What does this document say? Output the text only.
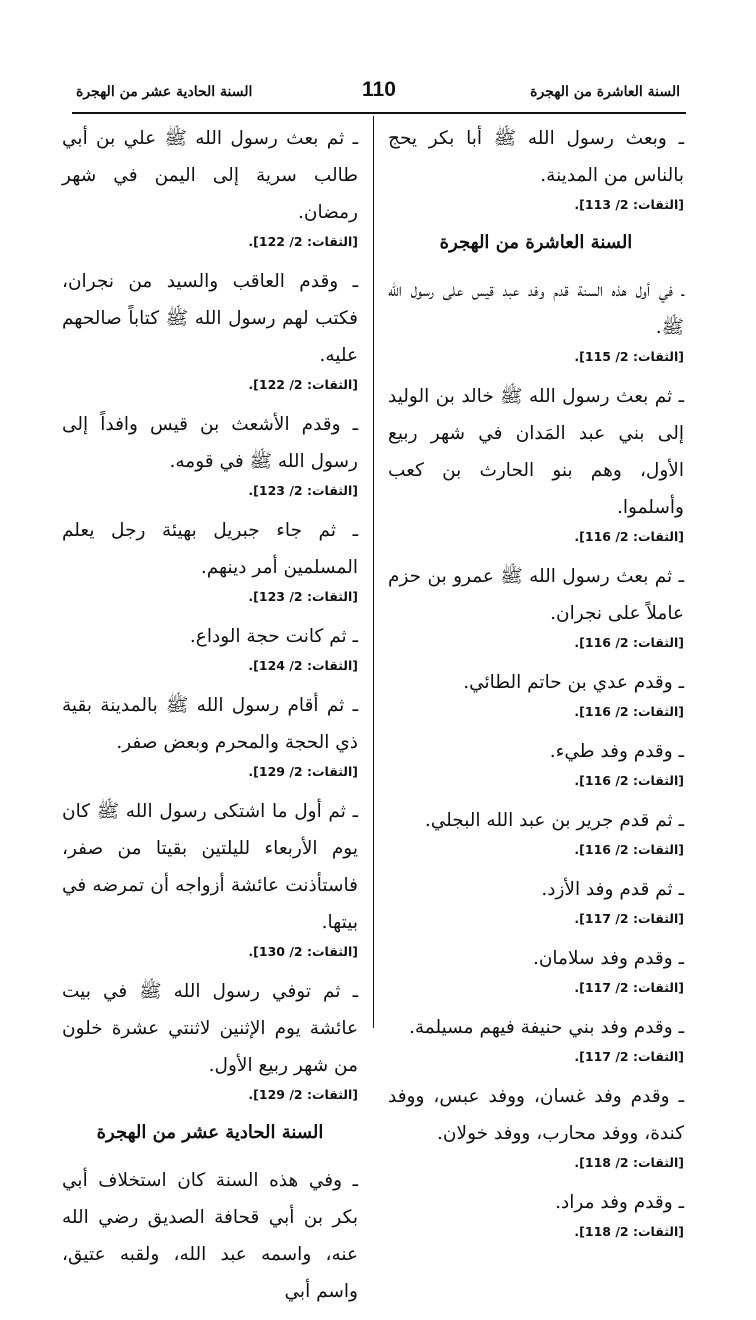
السنة العاشرة من الهجرة
110
السنة الحادية عشر من الهجرة
ـ وبعث رسول الله ﷺ أبا بكر يحج بالناس من المدينة.
[الثقات: 2/ 113].
السنة العاشرة من الهجرة
ـ في أول هذه السنة قدم وفد عبد قيس على رسول الله ﷺ.
[الثقات: 2/ 115].
ـ ثم بعث رسول الله ﷺ خالد بن الوليد إلى بني عبد المَدان في شهر ربيع الأول، وهم بنو الحارث بن كعب وأسلموا.
[الثقات: 2/ 116].
ـ ثم بعث رسول الله ﷺ عمرو بن حزم عاملاً على نجران.
[الثقات: 2/ 116].
ـ وقدم عدي بن حاتم الطائي.
[الثقات: 2/ 116].
ـ وقدم وفد طيء.
[الثقات: 2/ 116].
ـ ثم قدم جرير بن عبد الله البجلي.
[الثقات: 2/ 116].
ـ ثم قدم وفد الأزد.
[الثقات: 2/ 117].
ـ وقدم وفد سلامان.
[الثقات: 2/ 117].
ـ وقدم وفد بني حنيفة فيهم مسيلمة.
[الثقات: 2/ 117].
ـ وقدم وفد غسان، ووفد عبس، ووفد كندة، ووفد محارب، ووفد خولان.
[الثقات: 2/ 118].
ـ وقدم وفد مراد.
[الثقات: 2/ 118].
ـ ثم بعث رسول الله ﷺ علي بن أبي طالب سرية إلى اليمن في شهر رمضان.
[الثقات: 2/ 122].
ـ وقدم العاقب والسيد من نجران، فكتب لهم رسول الله ﷺ كتاباً صالحهم عليه.
[الثقات: 2/ 122].
ـ وقدم الأشعث بن قيس وافداً إلى رسول الله ﷺ في قومه.
[الثقات: 2/ 123].
ـ ثم جاء جبريل بهيئة رجل يعلم المسلمين أمر دينهم.
[الثقات: 2/ 123].
ـ ثم كانت حجة الوداع.
[الثقات: 2/ 124].
ـ ثم أقام رسول الله ﷺ بالمدينة بقية ذي الحجة والمحرم وبعض صفر.
[الثقات: 2/ 129].
ـ ثم أول ما اشتكى رسول الله ﷺ كان يوم الأربعاء لليلتين بقيتا من صفر، فاستأذنت عائشة أزواجه أن تمرضه في بيتها.
[الثقات: 2/ 130].
ـ ثم توفي رسول الله ﷺ في بيت عائشة يوم الإثنين لاثنتي عشرة خلون من شهر ربيع الأول.
[الثقات: 2/ 129].
السنة الحادية عشر من الهجرة
ـ وفي هذه السنة كان استخلاف أبي بكر بن أبي قحافة الصديق رضي الله عنه، واسمه عبد الله، ولقبه عتيق، واسم أبي
